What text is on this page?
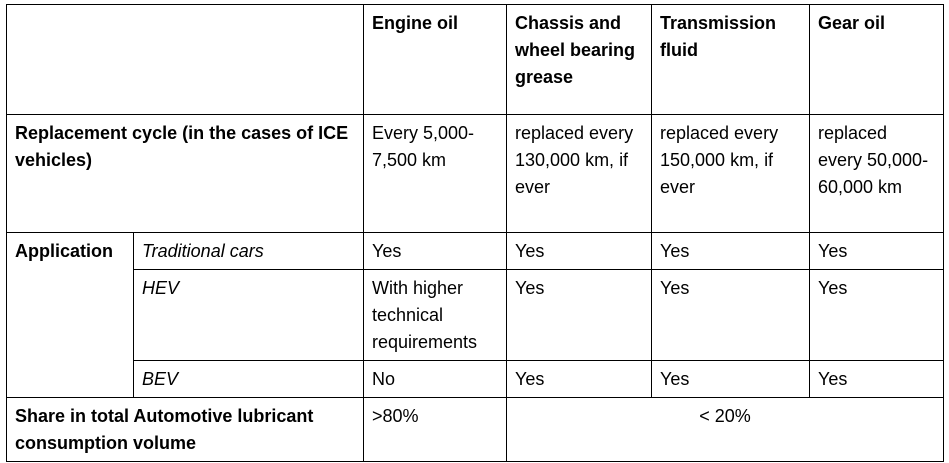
		Engine oil	Chassis and wheel bearing grease	Transmission fluid	Gear oil
Replacement cycle (in the cases of ICE vehicles)		Every 5,000-7,500 km	replaced every 130,000 km, if ever	replaced every 150,000 km, if ever	replaced every 50,000-60,000 km
Application	Traditional cars	Yes	Yes	Yes	Yes
	HEV	With higher technical requirements	Yes	Yes	Yes
	BEV	No	Yes	Yes	Yes
Share in total Automotive lubricant consumption volume		>80%	< 20%		
